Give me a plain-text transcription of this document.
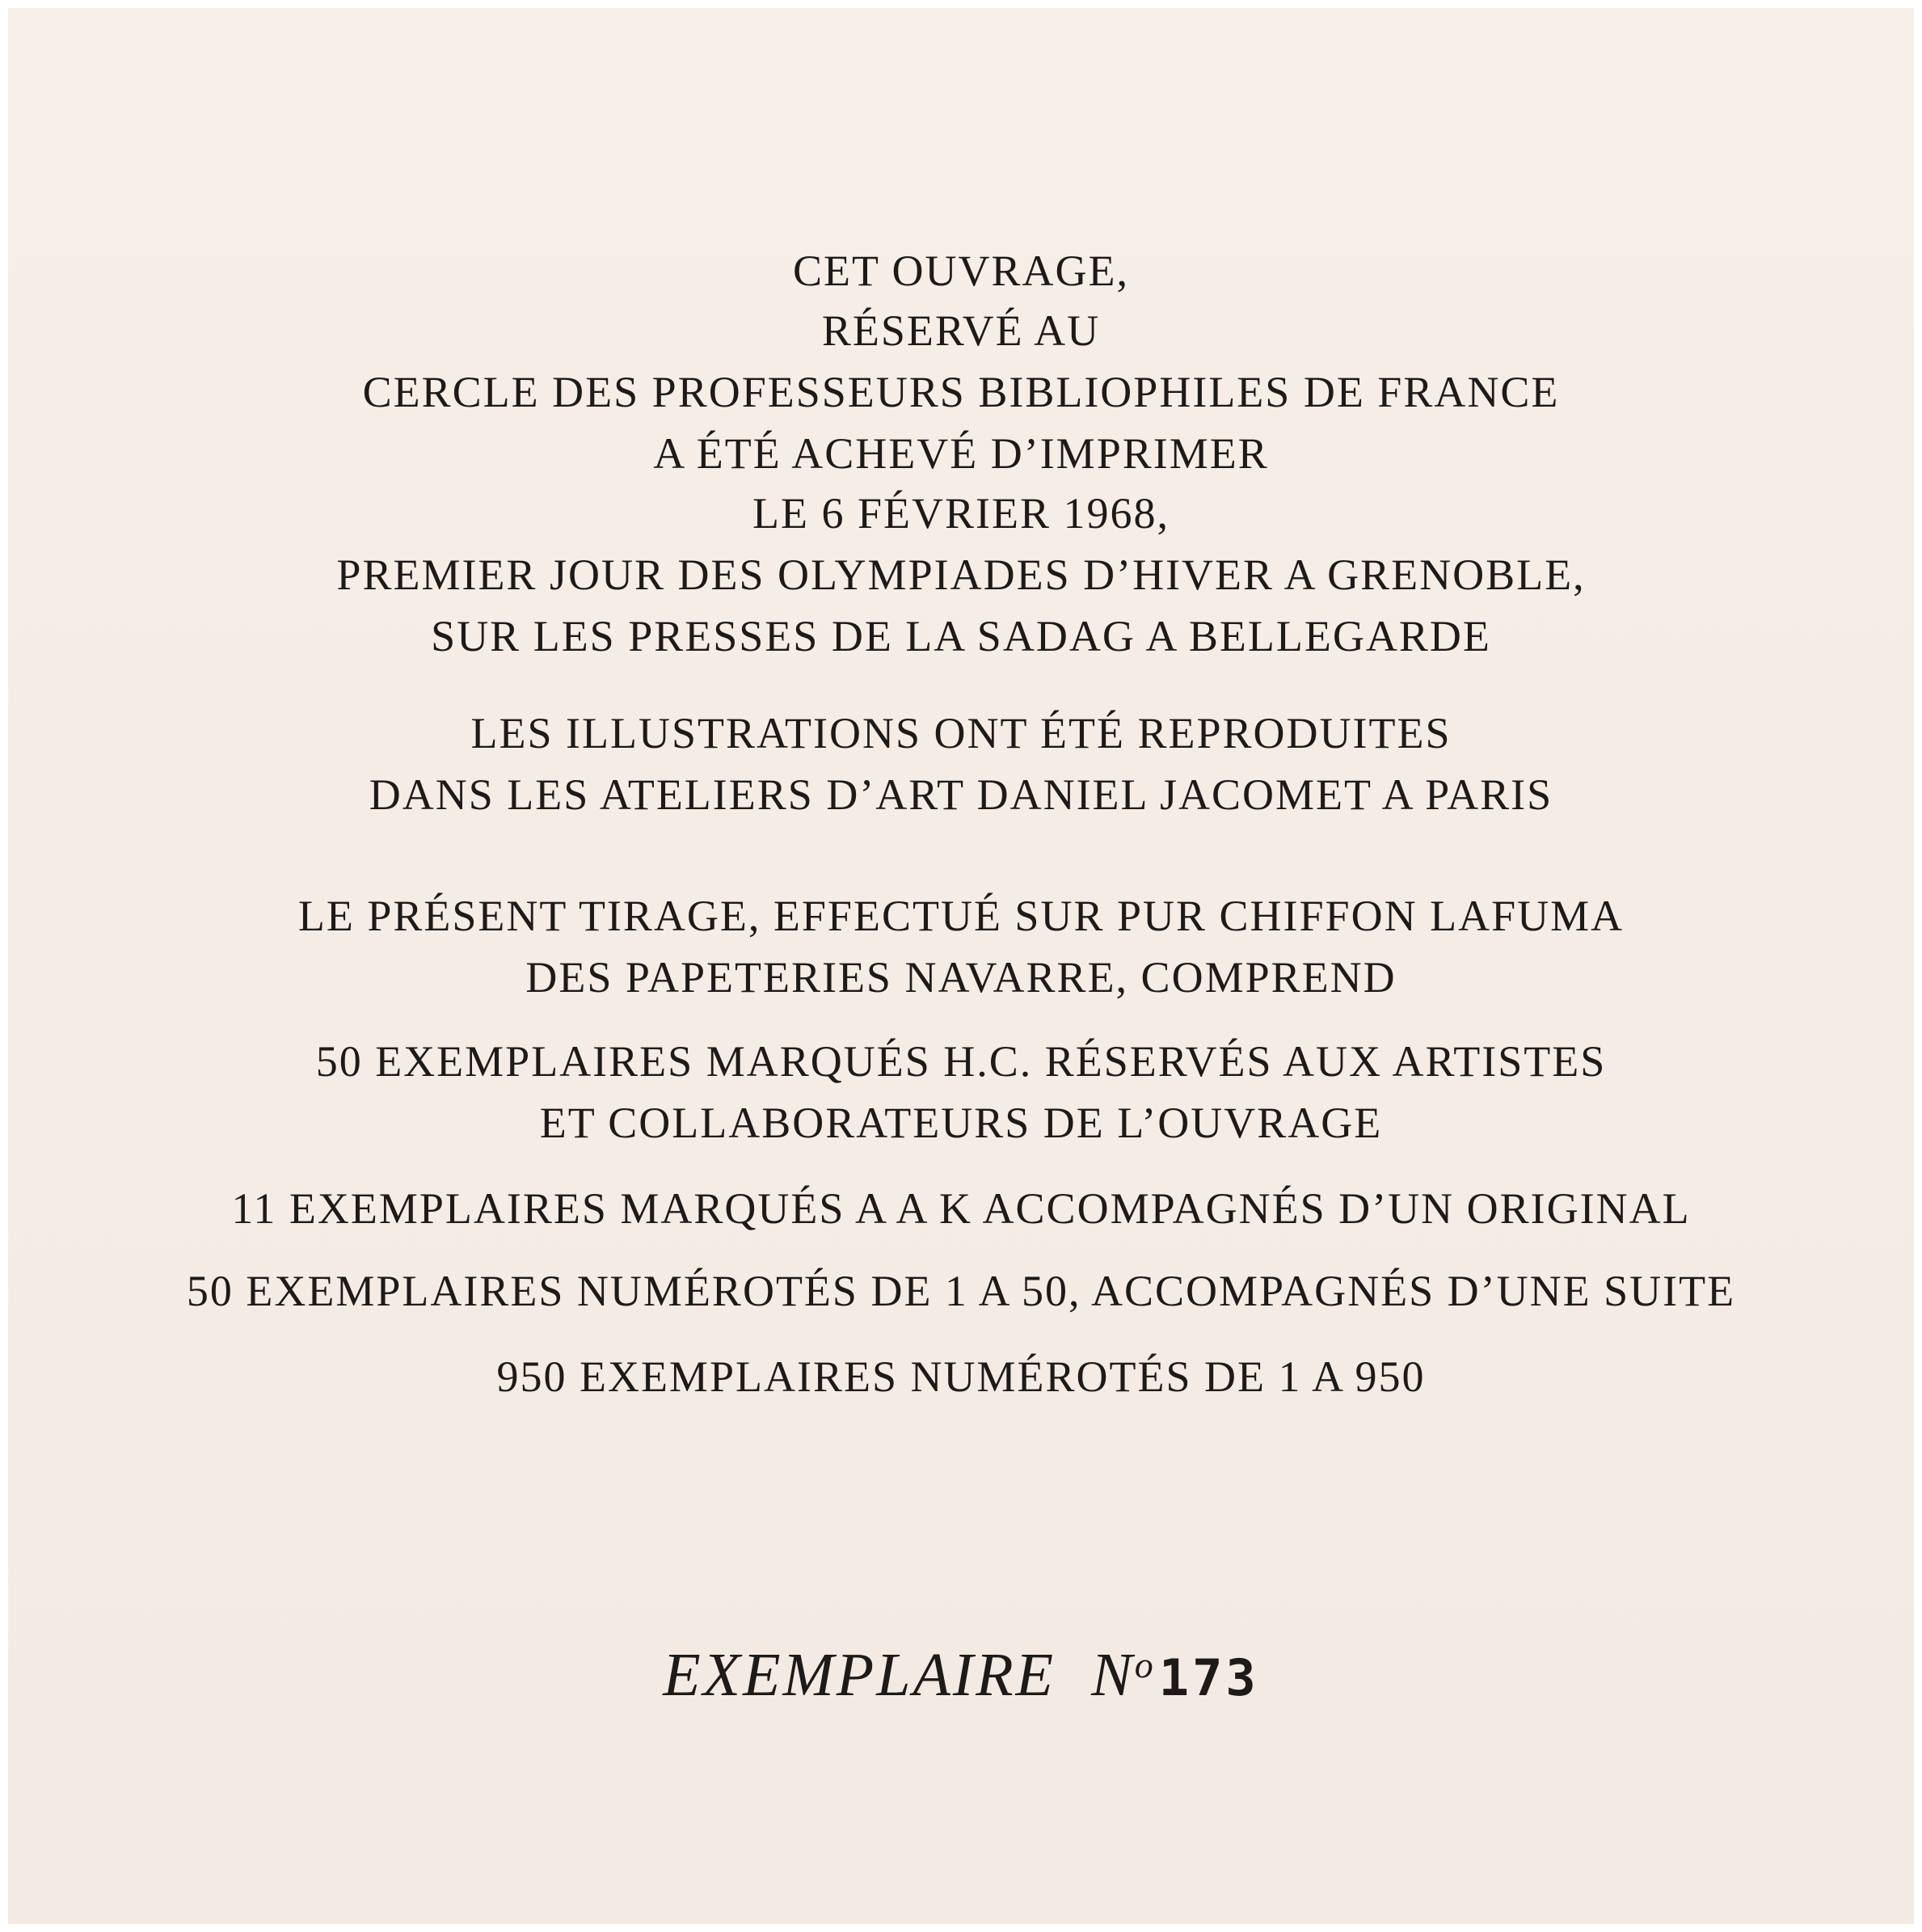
CET OUVRAGE,
RÉSERVÉ AU
CERCLE DES PROFESSEURS BIBLIOPHILES DE FRANCE
A ÉTÉ ACHEVÉ D’IMPRIMER
LE 6 FÉVRIER 1968,
PREMIER JOUR DES OLYMPIADES D’HIVER A GRENOBLE,
SUR LES PRESSES DE LA SADAG A BELLEGARDE
LES ILLUSTRATIONS ONT ÉTÉ REPRODUITES
DANS LES ATELIERS D’ART DANIEL JACOMET A PARIS
LE PRÉSENT TIRAGE, EFFECTUÉ SUR PUR CHIFFON LAFUMA
DES PAPETERIES NAVARRE, COMPREND
50 EXEMPLAIRES MARQUÉS H.C. RÉSERVÉS AUX ARTISTES
ET COLLABORATEURS DE L’OUVRAGE
11 EXEMPLAIRES MARQUÉS A A K ACCOMPAGNÉS D’UN ORIGINAL
50 EXEMPLAIRES NUMÉROTÉS DE 1 A 50, ACCOMPAGNÉS D’UNE SUITE
950 EXEMPLAIRES NUMÉROTÉS DE 1 A 950
EXEMPLAIRE $N^o173$
